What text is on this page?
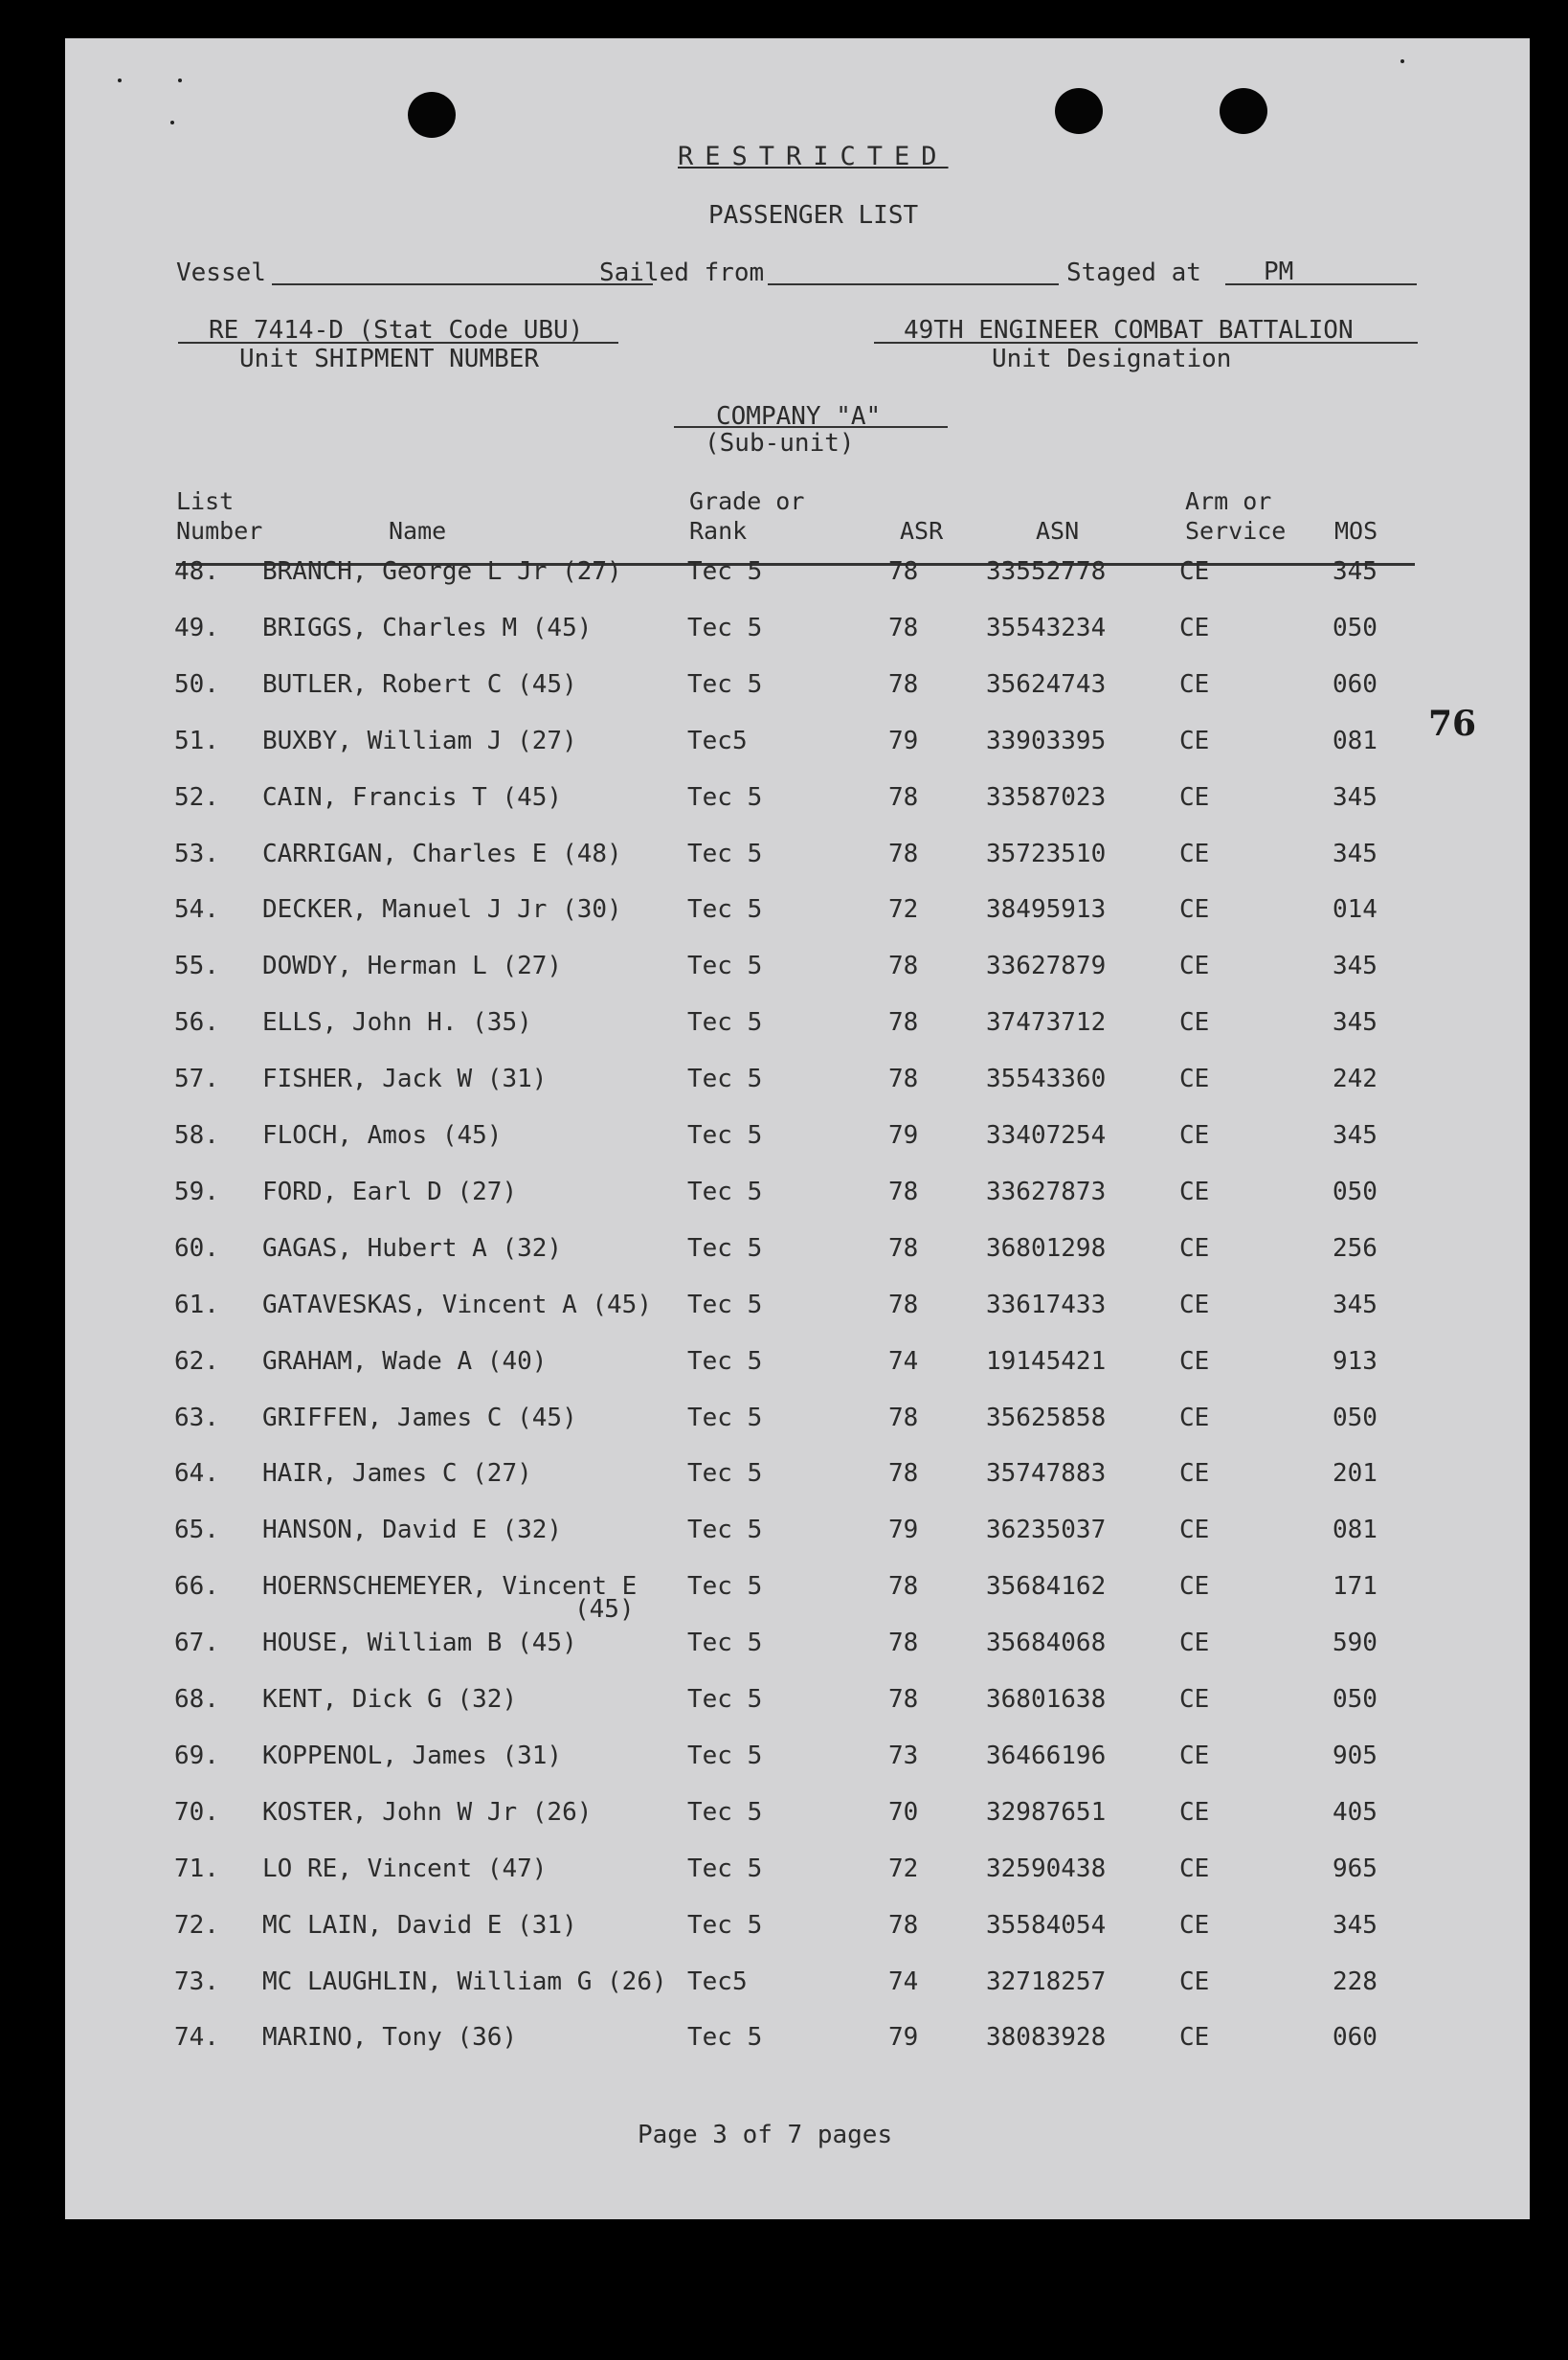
RESTRICTED
PASSENGER LIST
Vessel	Sailed from	Staged at	PM
RE 7414-D (Stat Code UBU)
Unit SHIPMENT NUMBER
49TH ENGINEER COMBAT BATTALION
Unit Designation
COMPANY "A"
(Sub-unit)
List
Number	Name
Grade or
Rank	ASR	ASN
Arm or
Service MOS
48. BRANCH, George L Jr (27)	Tec 5	78	33552778	CE	345
49. BRIGGS, Charles M (45)	Tec 5	78	35543234	CE	050
50. BUTLER, Robert C (45)	Tec 5	78	35624743	CE	060
51. BUXBY, William J (27)	Tec5	79	33903395	CE	081
52. CAIN, Francis T (45)	Tec 5	78	33587023	CE	345
53. CARRIGAN, Charles E (48)	Tec 5	78	35723510	CE	345
54. DECKER, Manuel J Jr (30)	Tec 5	72	38495913	CE	014
55. DOWDY, Herman L (27)	Tec 5	78	33627879	CE	345
56. ELLS, John H. (35)	Tec 5	78	37473712	CE	345
57. FISHER, Jack W (31)	Tec 5	78	35543360	CE	242
58. FLOCH, Amos (45)	Tec 5	79	33407254	CE	345
59. FORD, Earl D (27)	Tec 5	78	33627873	CE	050
60. GAGAS, Hubert A (32)	Tec 5	78	36801298	CE	256
61. GATAVESKAS, Vincent A (45) Tec 5	78	33617433	CE	345
62. GRAHAM, Wade A (40)	Tec 5	74	19145421	CE	913
63. GRIFFEN, James C (45)	Tec 5	78	35625858	CE	050
64. HAIR, James C (27)	Tec 5	78	35747883	CE	201
65. HANSON, David E (32)	Tec 5	79	36235037	CE	081
66. HOERNSCHEMEYER, Vincent E Tec 5	78	35684162	CE	171
(45)
67. HOUSE, William B (45)	Tec 5	78	35684068	CE	590
68. KENT, Dick G (32)	Tec 5	78	36801638	CE	050
69. KOPPENOL, James (31)	Tec 5	73	36466196	CE	905
70. KOSTER, John W Jr (26)	Tec 5	70	32987651	CE	405
71. LO RE, Vincent (47)	Tec 5	72	32590438	CE	965
72. MC LAIN, David E (31)	Tec 5	78	35584054	CE	345
73. MC LAUGHLIN, William G (26) Tec5	74	32718257	CE	228
74. MARINO, Tony (36)	Tec 5	79	38083928	CE	060
Page 3 of 7 pages
76
